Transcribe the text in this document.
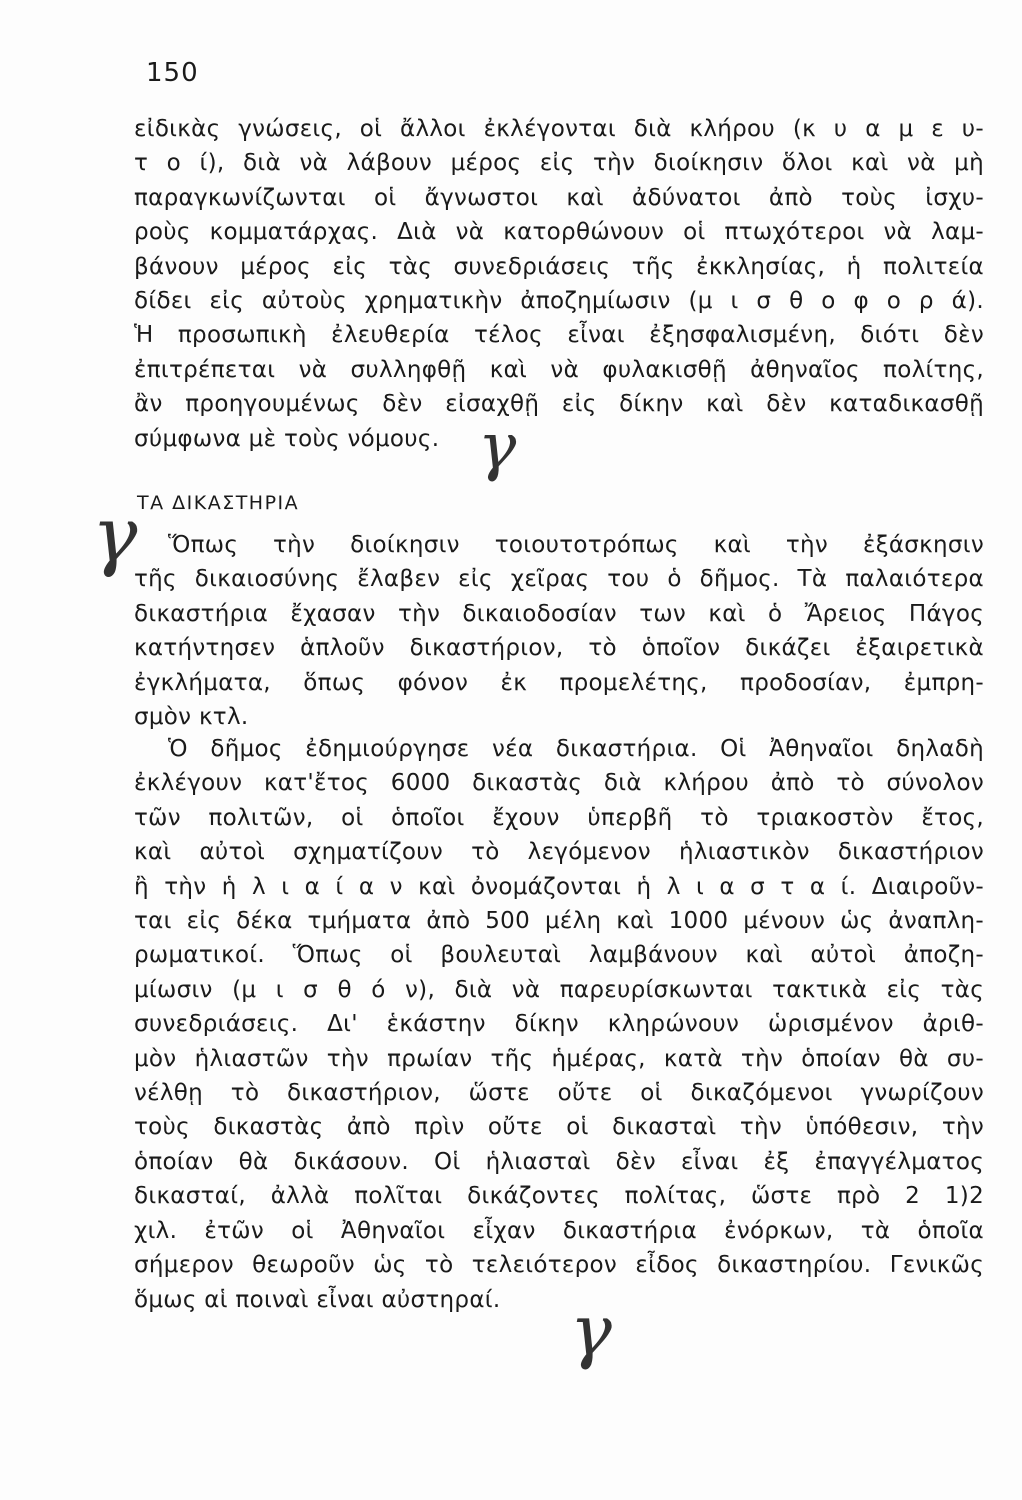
150
εἰδικὰς γνώσεις, οἱ ἄλλοι ἐκλέγονται διὰ κλήρου (κ υ α μ ε υ-
τ ο ί), διὰ νὰ λάβουν μέρος εἰς τὴν διοίκησιν ὅλοι καὶ νὰ μὴ
παραγκωνίζωνται οἱ ἄγνωστοι καὶ ἀδύνατοι ἀπὸ τοὺς ἰσχυ-
ροὺς κομματάρχας. Διὰ νὰ κατορθώνουν οἱ πτωχότεροι νὰ λαμ-
βάνουν μέρος εἰς τὰς συνεδριάσεις τῆς ἐκκλησίας, ἡ πολιτεία
δίδει εἰς αὐτοὺς χρηματικὴν ἀποζημίωσιν (μ ι σ θ ο φ ο ρ ά).
Ἡ προσωπικὴ ἐλευθερία τέλος εἶναι ἐξησφαλισμένη, διότι δὲν
ἐπιτρέπεται νὰ συλληφθῇ καὶ νὰ φυλακισθῇ ἀθηναῖος πολίτης,
ἂν προηγουμένως δὲν εἰσαχθῇ εἰς δίκην καὶ δὲν καταδικασθῇ
σύμφωνα μὲ τοὺς νόμους.
ΤΑ ΔΙΚΑΣΤΗΡΙΑ
Ὅπως τὴν διοίκησιν τοιουτοτρόπως καὶ τὴν ἐξάσκησιν
τῆς δικαιοσύνης ἔλαβεν εἰς χεῖρας του ὁ δῆμος. Τὰ παλαιότερα
δικαστήρια ἔχασαν τὴν δικαιοδοσίαν των καὶ ὁ Ἄρειος Πάγος
κατήντησεν ἁπλοῦν δικαστήριον, τὸ ὁποῖον δικάζει ἐξαιρετικὰ
ἐγκλήματα, ὅπως φόνον ἐκ προμελέτης, προδοσίαν, ἐμπρη-
σμὸν κτλ.
Ὁ δῆμος ἐδημιούργησε νέα δικαστήρια. Οἱ Ἀθηναῖοι δηλαδὴ
ἐκλέγουν κατ'ἔτος 6000 δικαστὰς διὰ κλήρου ἀπὸ τὸ σύνολον
τῶν πολιτῶν, οἱ ὁποῖοι ἔχουν ὑπερβῆ τὸ τριακοστὸν ἔτος,
καὶ αὐτοὶ σχηματίζουν τὸ λεγόμενον ἡλιαστικὸν δικαστήριον
ἢ τὴν ἡ λ ι α ί α ν καὶ ὀνομάζονται ἡ λ ι α σ τ α ί. Διαιροῦν-
ται εἰς δέκα τμήματα ἀπὸ 500 μέλη καὶ 1000 μένουν ὡς ἀναπλη-
ρωματικοί. Ὅπως οἱ βουλευταὶ λαμβάνουν καὶ αὐτοὶ ἀποζη-
μίωσιν (μ ι σ θ ό ν), διὰ νὰ παρευρίσκωνται τακτικὰ εἰς τὰς
συνεδριάσεις. Δι' ἑκάστην δίκην κληρώνουν ὡρισμένον ἀριθ-
μὸν ἡλιαστῶν τὴν πρωίαν τῆς ἡμέρας, κατὰ τὴν ὁποίαν θὰ συ-
νέλθῃ τὸ δικαστήριον, ὥστε οὔτε οἱ δικαζόμενοι γνωρίζουν
τοὺς δικαστὰς ἀπὸ πρὶν οὔτε οἱ δικασταὶ τὴν ὑπόθεσιν, τὴν
ὁποίαν θὰ δικάσουν. Οἱ ἡλιασταὶ δὲν εἶναι ἐξ ἐπαγγέλματος
δικασταί, ἀλλὰ πολῖται δικάζοντες πολίτας, ὥστε πρὸ 2 1)2
χιλ. ἐτῶν οἱ Ἀθηναῖοι εἶχαν δικαστήρια ἐνόρκων, τὰ ὁποῖα
σήμερον θεωροῦν ὡς τὸ τελειότερον εἶδος δικαστηρίου. Γενικῶς
ὅμως αἱ ποιναὶ εἶναι αὐστηραί.
γ
γ
γ
